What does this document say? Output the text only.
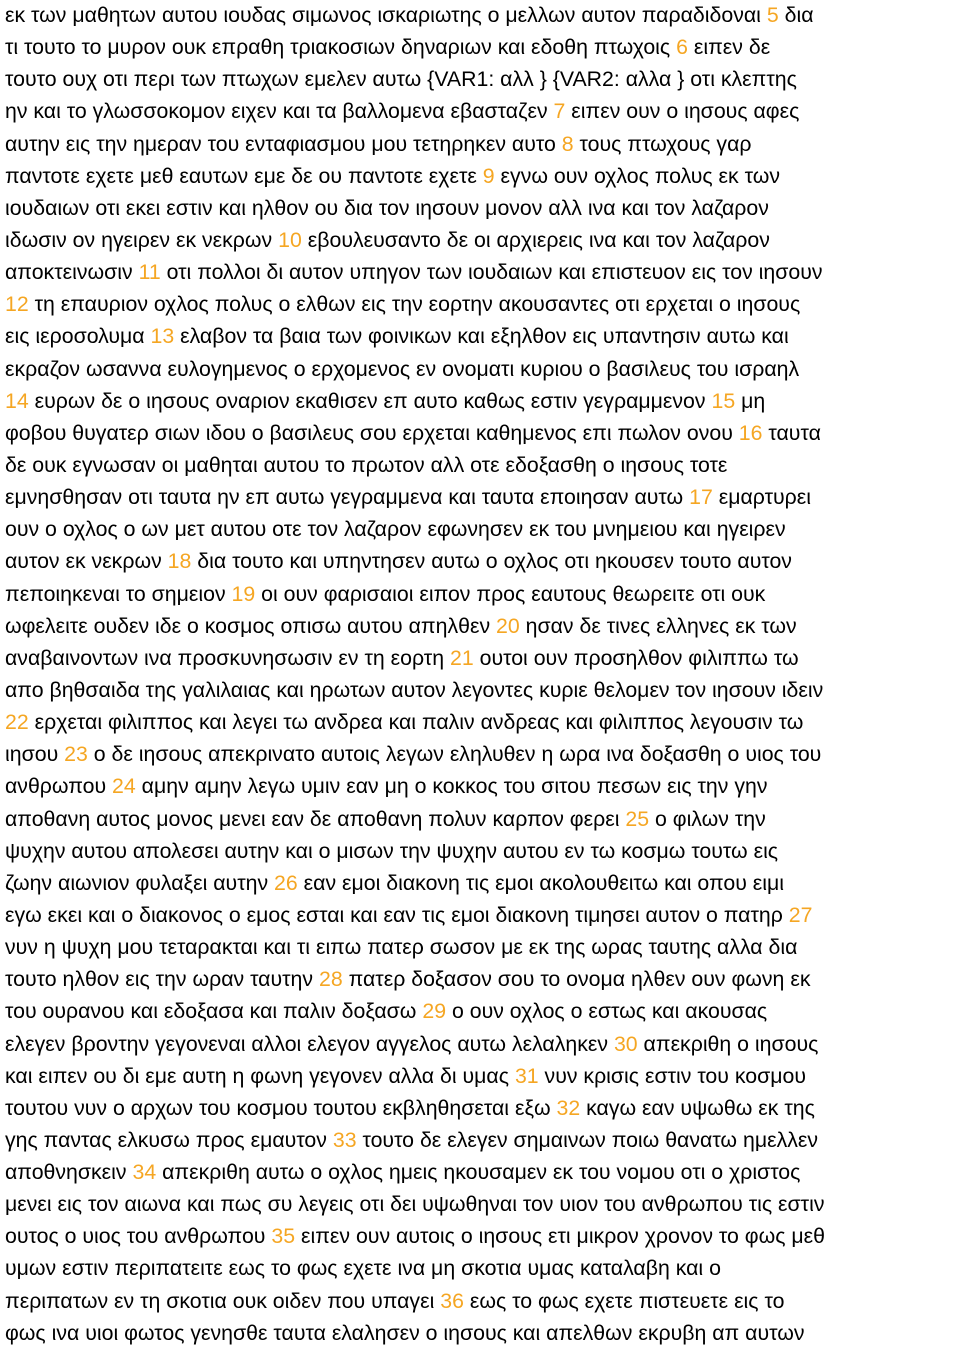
εκ των μαθητων αυτου ιουδας σιμωνος ισκαριωτης ο μελλων αυτον παραδιδοναι 5 δια
τι τουτο το μυρον ουκ επραθη τριακοσιων δηναριων και εδοθη πτωχοις 6 ειπεν δε
τουτο ουχ οτι περι των πτωχων εμελεν αυτω {VAR1: αλλ } {VAR2: αλλα } οτι κλεπτης
ην και το γλωσσοκομον ειχεν και τα βαλλομενα εβασταζεν 7 ειπεν ουν ο ιησους αφες
αυτην εις την ημεραν του ενταφιασμου μου τετηρηκεν αυτο 8 τους πτωχους γαρ
παντοτε εχετε μεθ εαυτων εμε δε ου παντοτε εχετε 9 εγνω ουν οχλος πολυς εκ των
ιουδαιων οτι εκει εστιν και ηλθον ου δια τον ιησουν μονον αλλ ινα και τον λαζαρον
ιδωσιν ον ηγειρεν εκ νεκρων 10 εβουλευσαντο δε οι αρχιερεις ινα και τον λαζαρον
αποκτεινωσιν 11 οτι πολλοι δι αυτον υπηγον των ιουδαιων και επιστευον εις τον ιησουν
12 τη επαυριον οχλος πολυς ο ελθων εις την εορτην ακουσαντες οτι ερχεται ο ιησους
εις ιεροσολυμα 13 ελαβον τα βαια των φοινικων και εξηλθον εις υπαντησιν αυτω και
εκραζον ωσαννα ευλογημενος ο ερχομενος εν ονοματι κυριου ο βασιλευς του ισραηλ
14 ευρων δε ο ιησους οναριον εκαθισεν επ αυτο καθως εστιν γεγραμμενον 15 μη
φοβου θυγατερ σιων ιδου ο βασιλευς σου ερχεται καθημενος επι πωλον ονου 16 ταυτα
δε ουκ εγνωσαν οι μαθηται αυτου το πρωτον αλλ οτε εδοξασθη ο ιησους τοτε
εμνησθησαν οτι ταυτα ην επ αυτω γεγραμμενα και ταυτα εποιησαν αυτω 17 εμαρτυρει
ουν ο οχλος ο ων μετ αυτου οτε τον λαζαρον εφωνησεν εκ του μνημειου και ηγειρεν
αυτον εκ νεκρων 18 δια τουτο και υπηντησεν αυτω ο οχλος οτι ηκουσεν τουτο αυτον
πεποιηκεναι το σημειον 19 οι ουν φαρισαιοι ειπον προς εαυτους θεωρειτε οτι ουκ
ωφελειτε ουδεν ιδε ο κοσμος οπισω αυτου απηλθεν 20 ησαν δε τινες ελληνες εκ των
αναβαινοντων ινα προσκυνησωσιν εν τη εορτη 21 ουτοι ουν προσηλθον φιλιππω τω
απο βηθσαιδα της γαλιλαιας και ηρωτων αυτον λεγοντες κυριε θελομεν τον ιησουν ιδειν
22 ερχεται φιλιππος και λεγει τω ανδρεα και παλιν ανδρεας και φιλιππος λεγουσιν τω
ιησου 23 ο δε ιησους απεκρινατο αυτοις λεγων εληλυθεν η ωρα ινα δοξασθη ο υιος του
ανθρωπου 24 αμην αμην λεγω υμιν εαν μη ο κοκκος του σιτου πεσων εις την γην
αποθανη αυτος μονος μενει εαν δε αποθανη πολυν καρπον φερει 25 ο φιλων την
ψυχην αυτου απολεσει αυτην και ο μισων την ψυχην αυτου εν τω κοσμω τουτω εις
ζωην αιωνιον φυλαξει αυτην 26 εαν εμοι διακονη τις εμοι ακολουθειτω και οπου ειμι
εγω εκει και ο διακονος ο εμος εσται και εαν τις εμοι διακονη τιμησει αυτον ο πατηρ 27
νυν η ψυχη μου τεταρακται και τι ειπω πατερ σωσον με εκ της ωρας ταυτης αλλα δια
τουτο ηλθον εις την ωραν ταυτην 28 πατερ δοξασον σου το ονομα ηλθεν ουν φωνη εκ
του ουρανου και εδοξασα και παλιν δοξασω 29 ο ουν οχλος ο εστως και ακουσας
ελεγεν βροντην γεγονεναι αλλοι ελεγον αγγελος αυτω λελαληκεν 30 απεκριθη ο ιησους
και ειπεν ου δι εμε αυτη η φωνη γεγονεν αλλα δι υμας 31 νυν κρισις εστιν του κοσμου
τουτου νυν ο αρχων του κοσμου τουτου εκβληθησεται εξω 32 καγω εαν υψωθω εκ της
γης παντας ελκυσω προς εμαυτον 33 τουτο δε ελεγεν σημαινων ποιω θανατω ημελλεν
αποθνησκειν 34 απεκριθη αυτω ο οχλος ημεις ηκουσαμεν εκ του νομου οτι ο χριστος
μενει εις τον αιωνα και πως συ λεγεις οτι δει υψωθηναι τον υιον του ανθρωπου τις εστιν
ουτος ο υιος του ανθρωπου 35 ειπεν ουν αυτοις ο ιησους ετι μικρον χρονον το φως μεθ
υμων εστιν περιπατειτε εως το φως εχετε ινα μη σκοτια υμας καταλαβη και ο
περιπατων εν τη σκοτια ουκ οιδεν που υπαγει 36 εως το φως εχετε πιστευετε εις το
φως ινα υιοι φωτος γενησθε ταυτα ελαλησεν ο ιησους και απελθων εκρυβη απ αυτων
